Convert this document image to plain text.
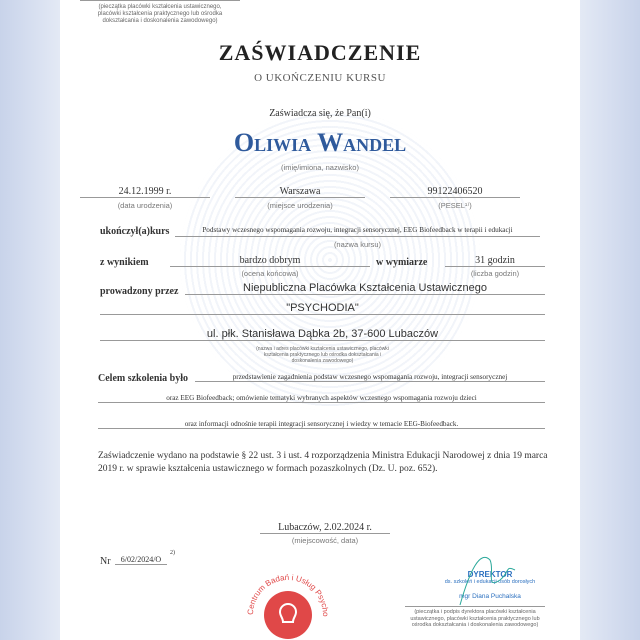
(pieczątka placówki kształcenia ustawicznego, placówki kształcenia praktycznego lub ośrodka dokształcania i doskonalenia zawodowego)
ZAŚWIADCZENIE
O UKOŃCZENIU KURSU
Zaświadcza się, że Pan(i)
Oliwia Wandel
(imię/imiona, nazwisko)
24.12.1999 r.
(data urodzenia)
Warszawa
(miejsce urodzenia)
99122406520
(PESEL¹⁾)
ukończył(a)kurs	Podstawy wczesnego wspomagania rozwoju, integracji sensorycznej, EEG Biofeedback w terapii i edukacji
(nazwa kursu)
z wynikiem	bardzo dobrym
(ocena końcowa)
w wymiarze	31 godzin
(liczba godzin)
prowadzony przez	Niepubliczna Placówka Kształcenia Ustawicznego
"PSYCHODIA"
ul. płk. Stanisława Dąbka 2b, 37-600 Lubaczów
(nazwa i adres placówki kształcenia ustawicznego, placówki kształcenia praktycznego lub ośrodka dokształcania i doskonalenia zawodowego)
Celem szkolenia było	przedstawienie zagadnienia podstaw wczesnego wspomagania rozwoju, integracji sensorycznej
oraz EEG Biofeedback; omówienie tematyki wybranych aspektów wczesnego wspomagania rozwoju dzieci
oraz informacji odnośnie terapii integracji sensorycznej i wiedzy w temacie EEG-Biofeedback.
Zaświadczenie wydano na podstawie § 22 ust. 3 i ust. 4 rozporządzenia Ministra Edukacji Narodowej z dnia 19 marca 2019 r. w sprawie kształcenia ustawicznego w formach pozaszkolnych (Dz. U. poz. 652).
Lubaczów, 2.02.2024 r.
(miejscowość, data)
Nr	6/02/2024/O
2)
Centrum Badań i Usług Psycho
DYREKTOR
ds. szkoleń i edukacji osób dorosłych
mgr Diana Puchalska
(pieczątka i podpis dyrektora placówki kształcenia ustawicznego, placówki kształcenia praktycznego lub ośrodka dokształcania i doskonalenia zawodowego)
